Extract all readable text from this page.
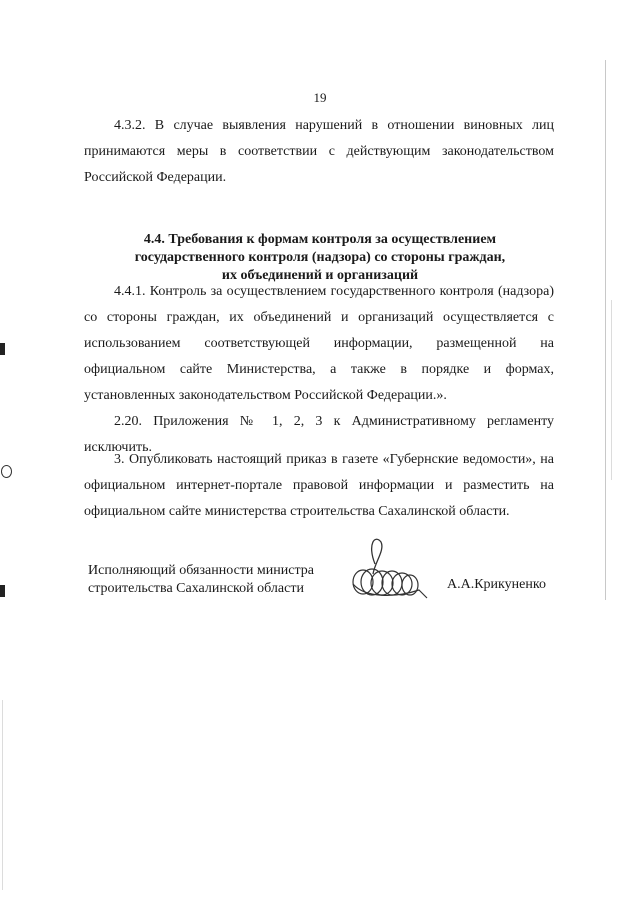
19
4.3.2. В случае выявления нарушений в отношении виновных лиц принимаются меры в соответствии с действующим законодательством Российской Федерации.
4.4. Требования к формам контроля за осуществлением
государственного контроля (надзора) со стороны граждан,
их объединений и организаций
4.4.1. Контроль за осуществлением государственного контроля (надзора) со стороны граждан, их объединений и организаций осуществляется с использованием соответствующей информации, размещенной на официальном сайте Министерства, а также в порядке и формах, установленных законодательством Российской Федерации.».
2.20. Приложения № 1, 2, 3 к Административному регламенту исключить.
3. Опубликовать настоящий приказ в газете «Губернские ведомости», на официальном интернет-портале правовой информации и разместить на официальном сайте министерства строительства Сахалинской области.
Исполняющий обязанности министра
строительства Сахалинской области	А.А.Крикуненко
